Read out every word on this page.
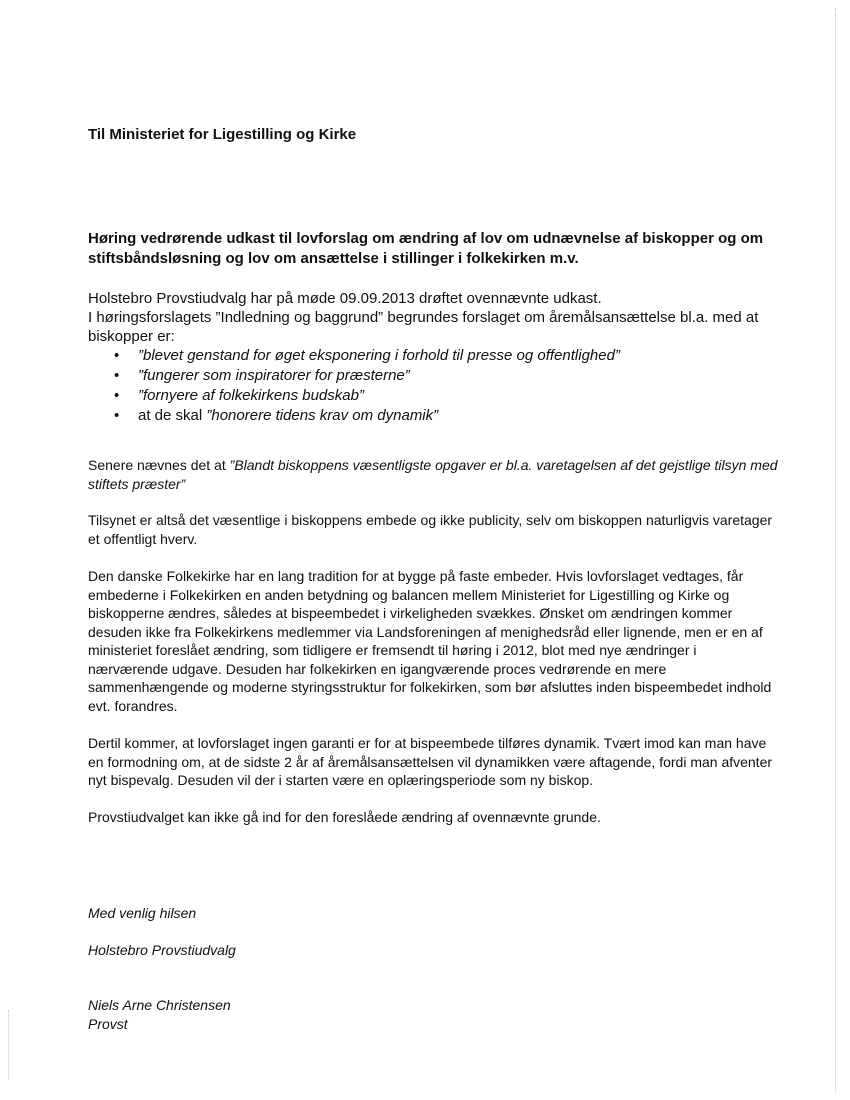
Til Ministeriet for Ligestilling og Kirke
Høring vedrørende udkast til lovforslag om ændring af lov om udnævnelse af biskopper og om stiftsbåndsløsning og lov om ansættelse i stillinger i folkekirken m.v.

Holstebro Provstiudvalg har på møde 09.09.2013 drøftet ovennævnte udkast.

I høringsforslagets ”Indledning og baggrund” begrundes forslaget om åremålsansættelse bl.a. med at biskopper er:

• ”blevet genstand for øget eksponering i forhold til presse og offentlighed”
• ”fungerer som inspiratorer for præsterne”
• ”fornyere af folkekirkens budskab”
• at de skal ”honorere tidens krav om dynamik”

Senere nævnes det at ”Blandt biskoppens væsentligste opgaver er bl.a. varetagelsen af det gejstlige tilsyn med stiftets præster”

Tilsynet er altså det væsentlige i biskoppens embede og ikke publicity, selv om biskoppen naturligvis varetager et offentligt hverv.

Den danske Folkekirke har en lang tradition for at bygge på faste embeder. Hvis lovforslaget vedtages, får embederne i Folkekirken en anden betydning og balancen mellem Ministeriet for Ligestilling og Kirke og biskopperne ændres, således at bispeembedet i virkeligheden svækkes. Ønsket om ændringen kommer desuden ikke fra Folkekirkens medlemmer via Landsforeningen af menighedsråd eller lignende, men er en af ministeriet foreslået ændring, som tidligere er fremsendt til høring i 2012, blot med nye ændringer i nærværende udgave. Desuden har folkekirken en igangværende proces vedrørende en mere sammenhængende og moderne styringsstruktur for folkekirken, som bør afsluttes inden bispeembedet indhold evt. forandres.

Dertil kommer, at lovforslaget ingen garanti er for at bispeembede tilføres dynamik. Tvært imod kan man have en formodning om, at de sidste 2 år af åremålsansættelsen vil dynamikken være aftagende, fordi man afventer nyt bispevalg. Desuden vil der i starten være en oplæringsperiode som ny biskop.

Provstiudvalget kan ikke gå ind for den foreslåede ændring af ovennævnte grunde.

Med venlig hilsen
Holstebro Provstiudvalg
Niels Arne Christensen
Provst
